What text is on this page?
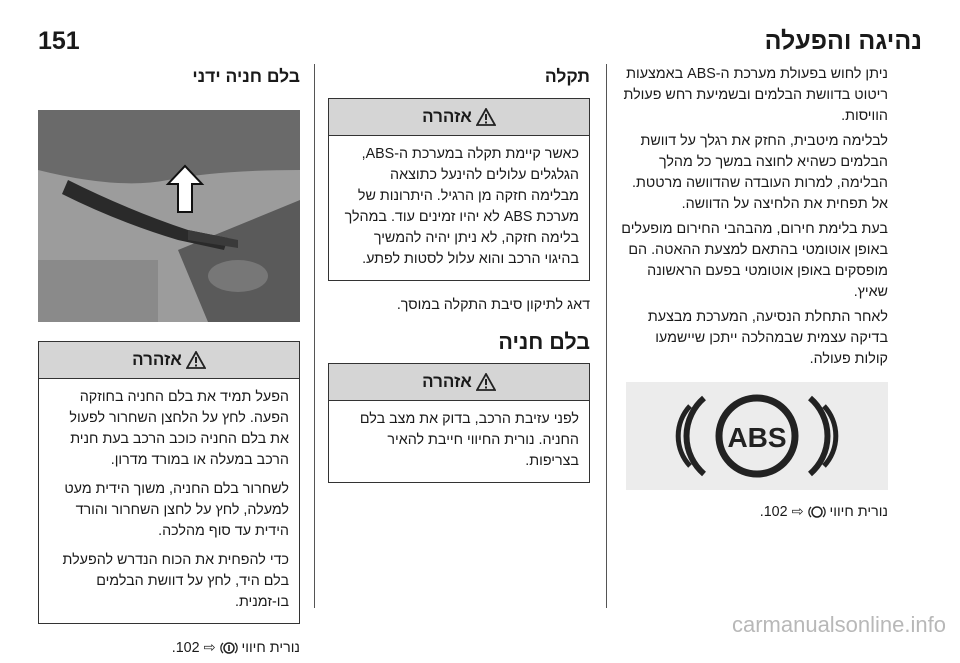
נהיגה והפעלה
151

ניתן לחוש בפעולת מערכת ה-ABS באמצעות ריטוט בדוושת הבלמים ובשמיעת רחש פעולת הוויסות.

לבלימה מיטבית, החזק את רגלך על דוושת הבלמים כשהיא לחוצה במשך כל מהלך הבלימה, למרות העובדה שהדוושה מרטטת. אל תפחית את הלחיצה על הדוושה.

בעת בלימת חירום, מהבהבי החירום מופעלים באופן אוטומטי בהתאם למצעת ההאטה. הם מופסקים באופן אוטומטי בפעם הראשונה שאיץ.

לאחר התחלת הנסיעה, המערכת מבצעת בדיקה עצמית שבמהלכה ייתכן שיישמעו קולות פעולה.

ABS

נורית חיווי  ⇨ 102.

תקלה
אזהרה
כאשר קיימת תקלה במערכת ה-ABS, הגלגלים עלולים להינעל כתוצאה מבלימה חזקה מן הרגיל. היתרונות של מערכת ABS לא יהיו זמינים עוד. במהלך בלימה חזקה, לא ניתן יהיה להמשיך בהיגוי הרכב והוא עלול לסטות לפתע.

דאג לתיקון סיבת התקלה במוסך.

בלם חניה
אזהרה
לפני עזיבת הרכב, בדוק את מצב בלם החניה. נורית החיווי חייבת להאיר בצריפות.
בלם חניה ידני
אזהרה

הפעל תמיד את בלם החניה בחוזקה הפעה. לחץ על הלחצן השחרור לפעול את בלם החניה כוכב הרכב בעת חנית הרכב במעלה או במורד מדרון.

לשחרור בלם החניה, משוך הידית מעט למעלה, לחץ על לחצן השחרור והורד הידית עד סוף מהלכה.

כדי להפחית את הכוח הנדרש להפעלת בלם היד, לחץ על דוושת הבלמים בו-זמנית.

נורית חיווי  ⇨ 102.

carmanualsonline.info
